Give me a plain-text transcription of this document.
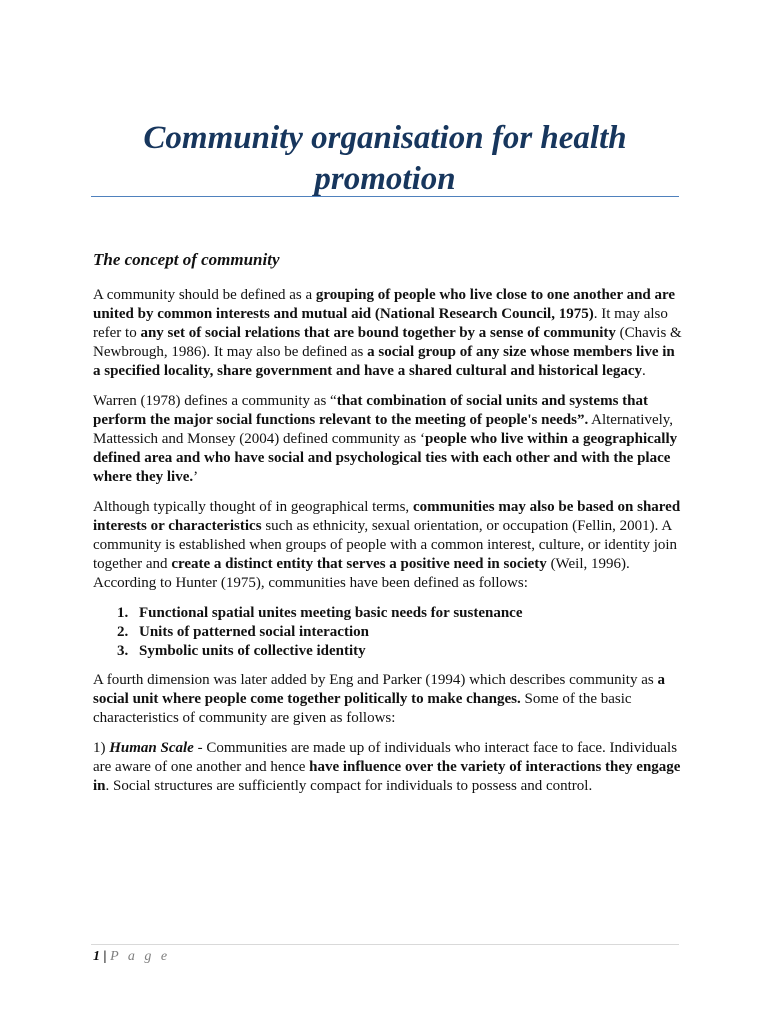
Community organisation for health promotion
The concept of community

A community should be defined as a grouping of people who live close to one another and are united by common interests and mutual aid (National Research Council, 1975). It may also refer to any set of social relations that are bound together by a sense of community (Chavis & Newbrough, 1986). It may also be defined as a social group of any size whose members live in a specified locality, share government and have a shared cultural and historical legacy.

Warren (1978) defines a community as “that combination of social units and systems that perform the major social functions relevant to the meeting of people's needs”. Alternatively, Mattessich and Monsey (2004) defined community as ‘people who live within a geographically defined area and who have social and psychological ties with each other and with the place where they live.’

Although typically thought of in geographical terms, communities may also be based on shared interests or characteristics such as ethnicity, sexual orientation, or occupation (Fellin, 2001). A community is established when groups of people with a common interest, culture, or identity join together and create a distinct entity that serves a positive need in society (Weil, 1996). According to Hunter (1975), communities have been defined as follows:

1. Functional spatial unites meeting basic needs for sustenance
2. Units of patterned social interaction
3. Symbolic units of collective identity

A fourth dimension was later added by Eng and Parker (1994) which describes community as a social unit where people come together politically to make changes. Some of the basic characteristics of community are given as follows:

1) Human Scale - Communities are made up of individuals who interact face to face. Individuals are aware of one another and hence have influence over the variety of interactions they engage in. Social structures are sufficiently compact for individuals to possess and control.

1 | P a g e
